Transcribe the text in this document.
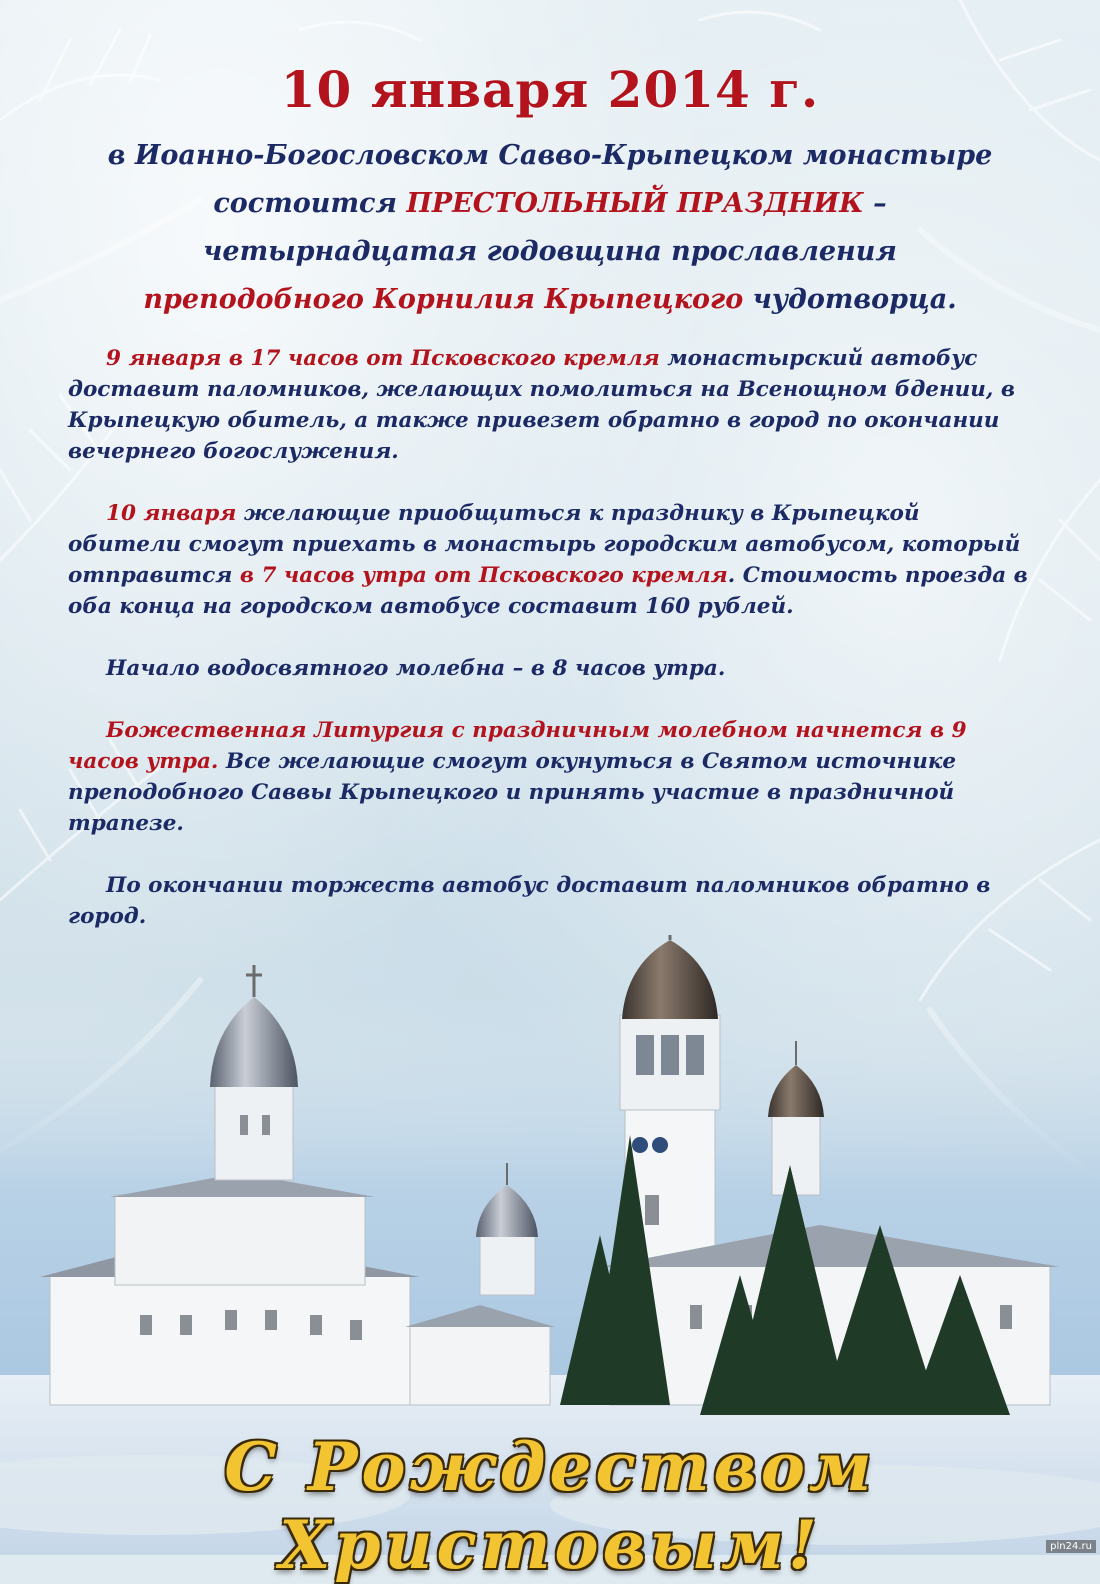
10 января 2014 г.
в Иоанно-Богословском Савво-Крыпецком монастыре
состоится ПРЕСТОЛЬНЫЙ ПРАЗДНИК –
четырнадцатая годовщина прославления
преподобного Корнилия Крыпецкого чудотворца.

9 января в 17 часов от Псковского кремля монастырский автобус доставит паломников, желающих помолиться на Всенощном бдении, в Крыпецкую обитель, а также привезет обратно в город по окончании вечернего богослужения.

10 января желающие приобщиться к празднику в Крыпецкой обители смогут приехать в монастырь городским автобусом, который отправится в 7 часов утра от Псковского кремля. Стоимость проезда в оба конца на городском автобусе составит 160 рублей.

Начало водосвятного молебна – в 8 часов утра.

Божественная Литургия с праздничным молебном начнется в 9 часов утра. Все желающие смогут окунуться в Святом источнике преподобного Саввы Крыпецкого и принять участие в праздничной трапезе.

По окончании торжеств автобус доставит паломников обратно в город.

С Рождеством Христовым!	pln24.ru
